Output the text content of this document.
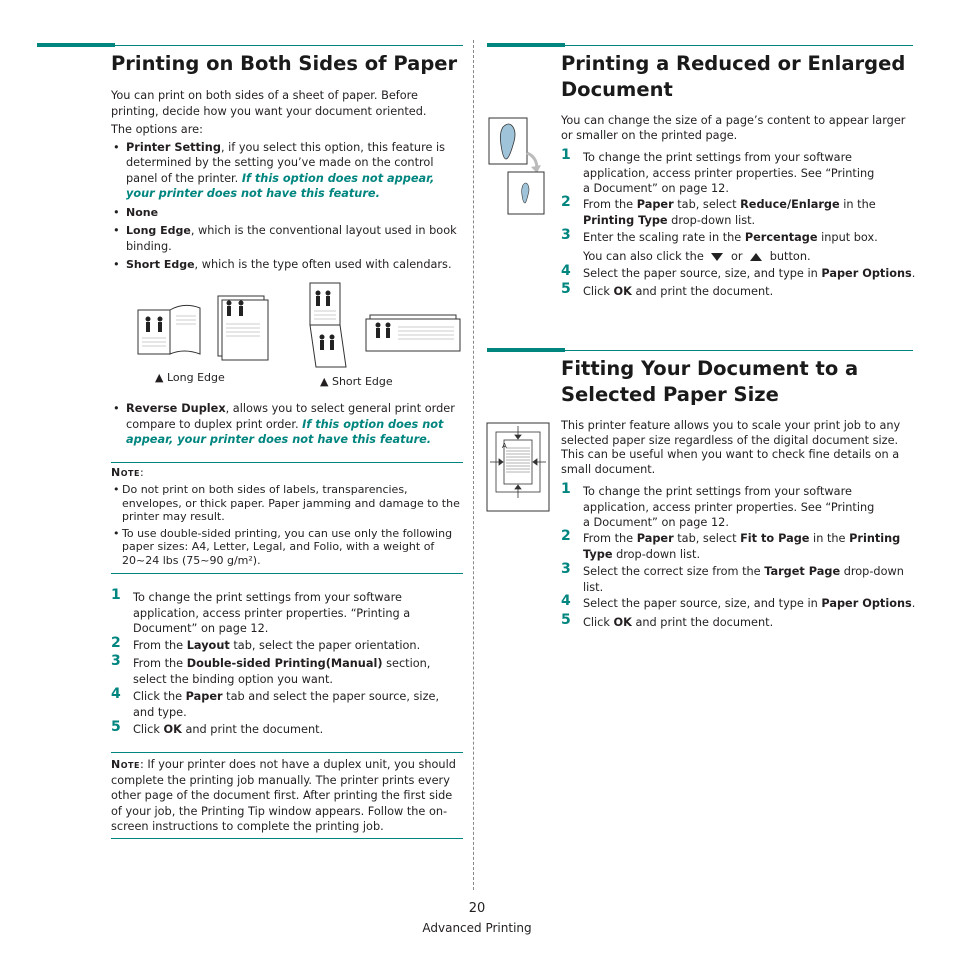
Printing on Both Sides of Paper
You can print on both sides of a sheet of paper. Before printing, decide how you want your document oriented.
The options are:
• Printer Setting, if you select this option, this feature is determined by the setting you’ve made on the control panel of the printer. If this option does not appear, your printer does not have this feature.
• None
• Long Edge, which is the conventional layout used in book binding.
• Short Edge, which is the type often used with calendars.
▲ Long Edge	▲ Short Edge
• Reverse Duplex, allows you to select general print order compare to duplex print order. If this option does not appear, your printer does not have this feature.
Note:
• Do not print on both sides of labels, transparencies, envelopes, or thick paper. Paper jamming and damage to the printer may result.
• To use double-sided printing, you can use only the following paper sizes: A4, Letter, Legal, and Folio, with a weight of 20~24 lbs (75~90 g/m²).
1 To change the print settings from your software application, access printer properties. “Printing a Document” on page 12.
2 From the Layout tab, select the paper orientation.
3 From the Double-sided Printing(Manual) section, select the binding option you want.
4 Click the Paper tab and select the paper source, size, and type.
5 Click OK and print the document.
Note: If your printer does not have a duplex unit, you should complete the printing job manually. The printer prints every other page of the document first. After printing the first side of your job, the Printing Tip window appears. Follow the on-screen instructions to complete the printing job.
Printing a Reduced or Enlarged
Document
You can change the size of a page’s content to appear larger or smaller on the printed page.
1 To change the print settings from your software application, access printer properties. See “Printing a Document” on page 12.
2 From the Paper tab, select Reduce/Enlarge in the Printing Type drop-down list.
3 Enter the scaling rate in the Percentage input box.
You can also click the or button.
4 Select the paper source, size, and type in Paper Options.
5 Click OK and print the document.
Fitting Your Document to a
Selected Paper Size
A
This printer feature allows you to scale your print job to any selected paper size regardless of the digital document size. This can be useful when you want to check fine details on a small document.
1 To change the print settings from your software application, access printer properties. See “Printing a Document” on page 12.
2 From the Paper tab, select Fit to Page in the Printing Type drop-down list.
3 Select the correct size from the Target Page drop-down list.
4 Select the paper source, size, and type in Paper Options.
5 Click OK and print the document.
20
Advanced Printing
